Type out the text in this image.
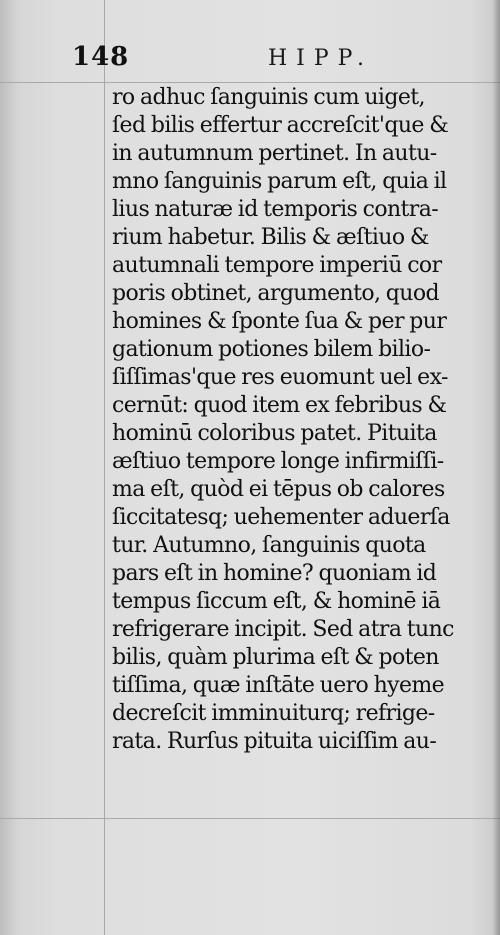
148	HIPP.
ro adhuc ſanguinis cum uiget,
ſed bilis effertur accreſcit'que &
in autumnum pertinet. In autu-
mno ſanguinis parum eſt, quia il
lius naturæ id temporis contra-
rium habetur. Bilis & æſtiuo &
autumnali tempore imperiū cor
poris obtinet, argumento, quod
homines & ſponte ſua & per pur
gationum potiones bilem bilio-
ſiſſimas'que res euomunt uel ex-
cernūt: quod item ex febribus &
hominū coloribus patet. Pituita
æſtiuo tempore longe infirmiſſi-
ma eſt, quòd ei tēpus ob calores
ſiccitatesq; uehementer aduerſa
tur. Autumno, ſanguinis quota
pars eſt in homine? quoniam id
tempus ſiccum eſt, & hominē iā
refrigerare incipit. Sed atra tunc
bilis, quàm plurima eſt & poten
tiſſima, quæ inſtāte uero hyeme
decreſcit imminuiturq; refrige-
rata. Rurſus pituita uiciſſim au-
